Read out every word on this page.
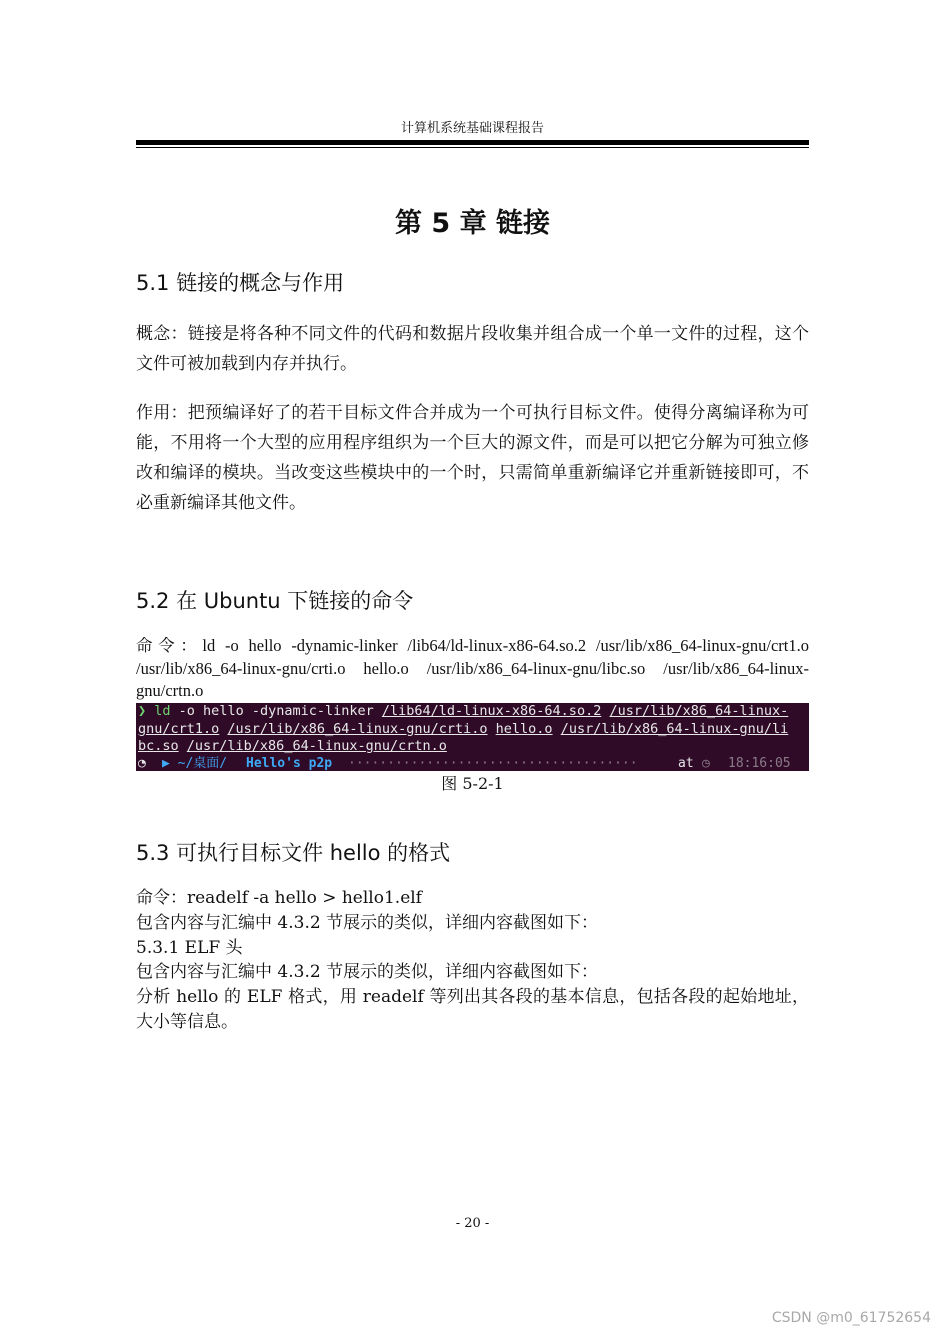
计算机系统基础课程报告
第 5 章 链接
5.1 链接的概念与作用

概念：链接是将各种不同文件的代码和数据片段收集并组合成一个单一文件的过程，这个文件可被加载到内存并执行。

作用：把预编译好了的若干目标文件合并成为一个可执行目标文件。使得分离编译称为可能，不用将一个大型的应用程序组织为一个巨大的源文件，而是可以把它分解为可独立修改和编译的模块。当改变这些模块中的一个时，只需简单重新编译它并重新链接即可，不必重新编译其他文件。

5.2 在 Ubuntu 下链接的命令

命令：ld -o hello -dynamic-linker /lib64/ld-linux-x86-64.so.2 /usr/lib/x86_64-linux-gnu/crt1.o /usr/lib/x86_64-linux-gnu/crti.o hello.o /usr/lib/x86_64-linux-gnu/libc.so /usr/lib/x86_64-linux-gnu/crtn.o

❯ ld -o hello -dynamic-linker /lib64/ld-linux-x86-64.so.2 /usr/lib/x86_64-linux-
gnu/crt1.o /usr/lib/x86_64-linux-gnu/crti.o hello.o /usr/lib/x86_64-linux-gnu/li
bc.so /usr/lib/x86_64-linux-gnu/crtn.o
◔ ▶ ~/桌面/ Hello's p2p ·····································	at ◷ 18:16:05
图 5-2-1
5.3 可执行目标文件 hello 的格式

命令：readelf -a hello > hello1.elf

包含内容与汇编中 4.3.2 节展示的类似，详细内容截图如下：

5.3.1 ELF 头

包含内容与汇编中 4.3.2 节展示的类似，详细内容截图如下：

分析 hello 的 ELF 格式，用 readelf 等列出其各段的基本信息，包括各段的起始地址，大小等信息。

- 20 -
CSDN @m0_61752654
